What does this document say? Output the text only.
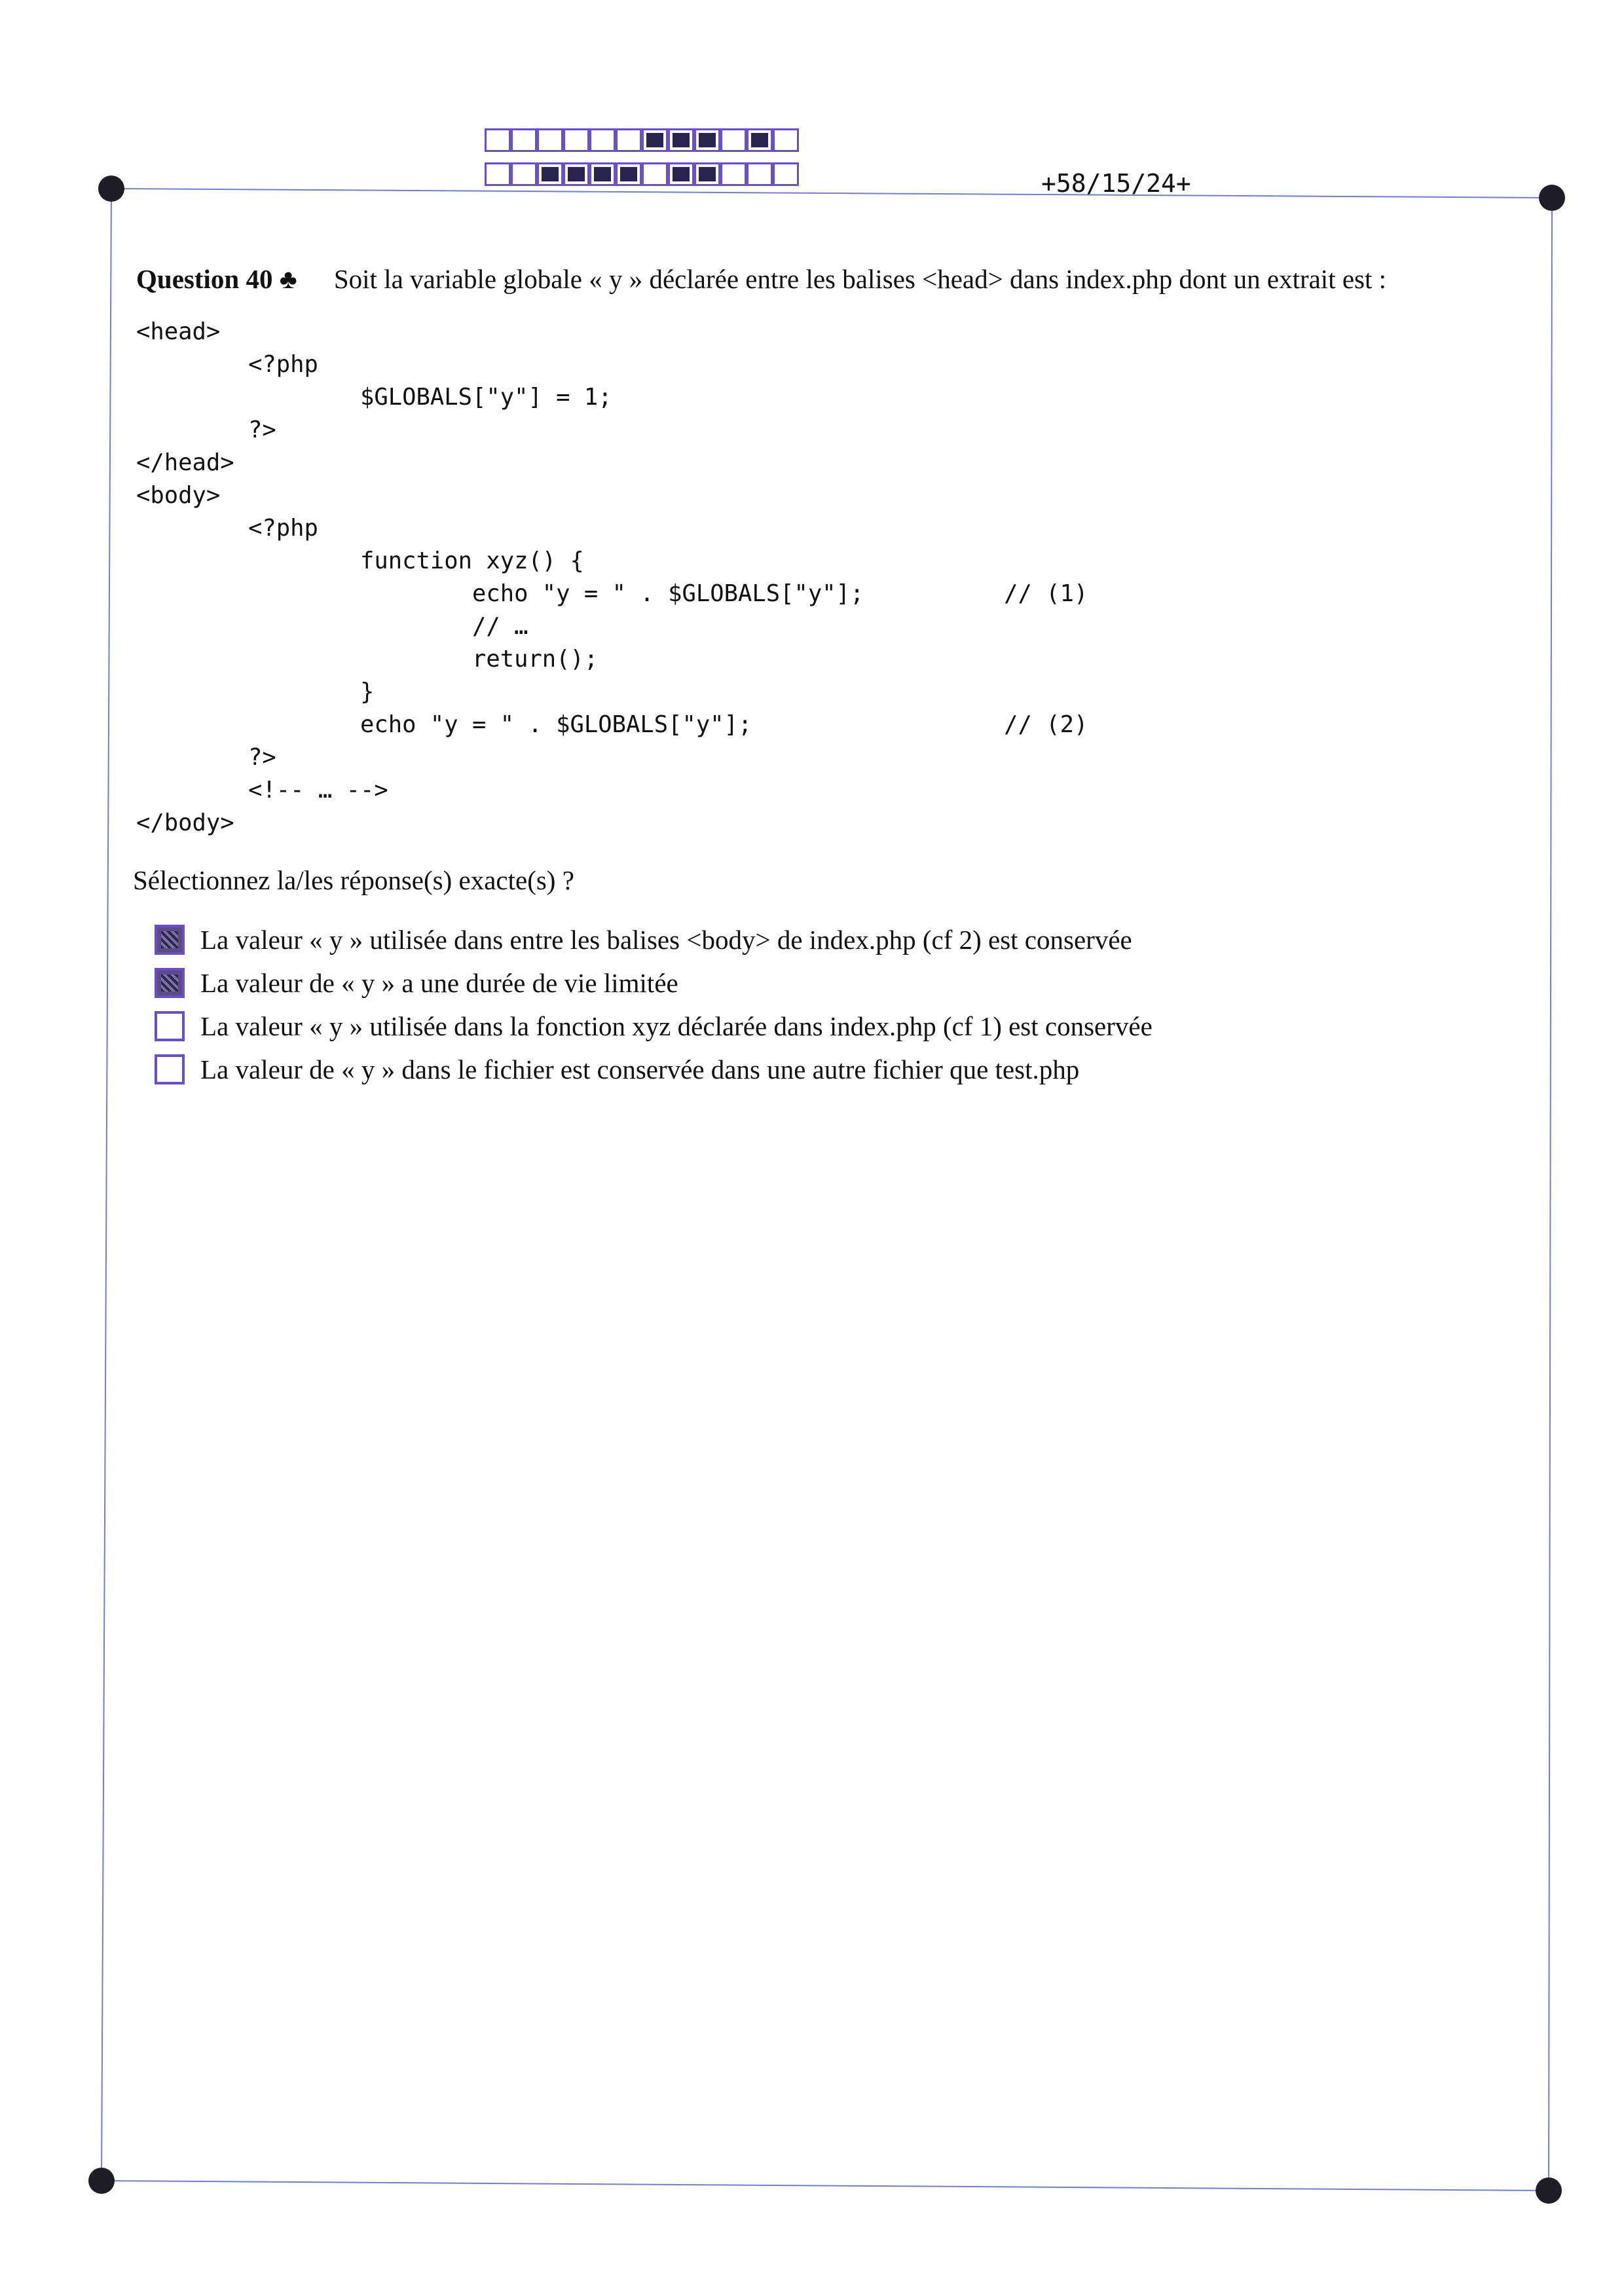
+58/15/24+
Question 40 ♣ Soit la variable globale « y » déclarée entre les balises <head> dans index.php dont un extrait est :
<head>
<?php
$GLOBALS["y"] = 1;
?>
</head>
<body>
<?php
function xyz() {
echo "y = " . $GLOBALS["y"];          // (1)
// …
return();
}
echo "y = " . $GLOBALS["y"];                  // (2)
?>
<!-- … -->
</body>
Sélectionnez la/les réponse(s) exacte(s) ?
La valeur « y » utilisée dans entre les balises <body> de index.php (cf 2) est conservée
La valeur de « y » a une durée de vie limitée
La valeur « y » utilisée dans la fonction xyz déclarée dans index.php (cf 1) est conservée
La valeur de « y » dans le fichier est conservée dans une autre fichier que test.php
